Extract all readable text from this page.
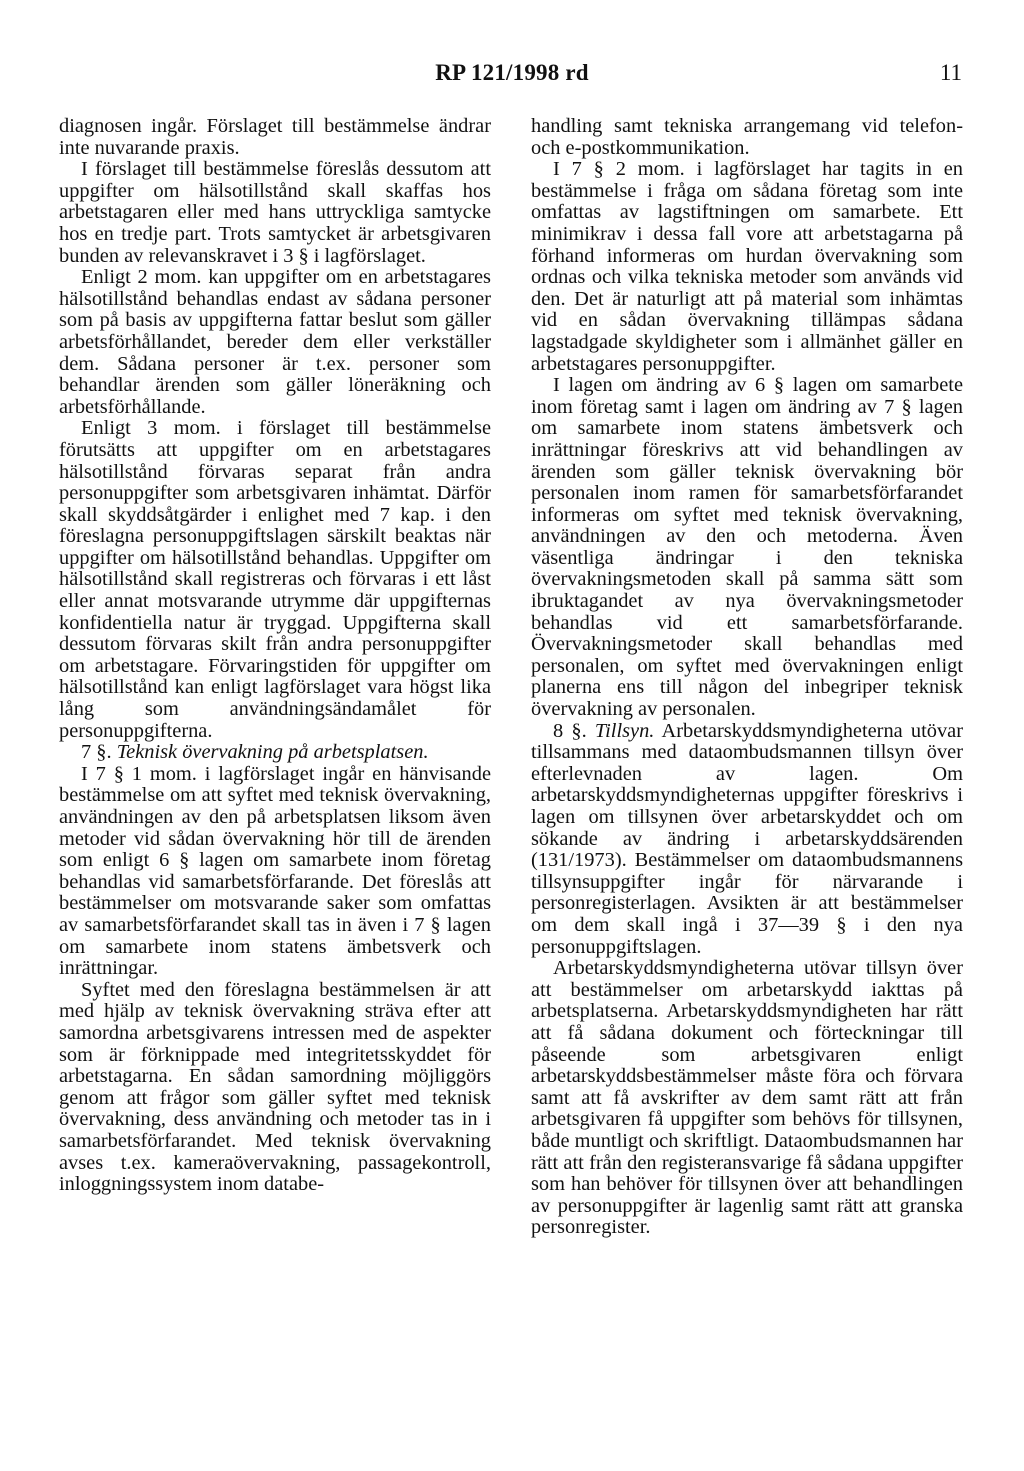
RP 121/1998 rd	11

diagnosen ingår. Förslaget till bestämmelse ändrar inte nuvarande praxis.

I förslaget till bestämmelse föreslås dessutom att uppgifter om hälsotillstånd skall skaffas hos arbetstagaren eller med hans uttryckliga samtycke hos en tredje part. Trots samtycket är arbetsgivaren bunden av relevanskravet i 3 § i lagförslaget.

Enligt 2 mom. kan uppgifter om en arbetstagares hälsotillstånd behandlas endast av sådana personer som på basis av uppgifterna fattar beslut som gäller arbetsförhållandet, bereder dem eller verkställer dem. Sådana personer är t.ex. personer som behandlar ärenden som gäller löneräkning och arbetsförhållande.

Enligt 3 mom. i förslaget till bestämmelse förutsätts att uppgifter om en arbetstagares hälsotillstånd förvaras separat från andra personuppgifter som arbetsgivaren inhämtat. Därför skall skyddsåtgärder i enlighet med 7 kap. i den föreslagna personuppgiftslagen särskilt beaktas när uppgifter om hälsotillstånd behandlas. Uppgifter om hälsotillstånd skall registreras och förvaras i ett låst eller annat motsvarande utrymme där uppgifternas konfidentiella natur är tryggad. Uppgifterna skall dessutom förvaras skilt från andra personuppgifter om arbetstagare. Förvaringstiden för uppgifter om hälsotillstånd kan enligt lagförslaget vara högst lika lång som användningsändamålet för personuppgifterna.

7 §. Teknisk övervakning på arbetsplatsen.

I 7 § 1 mom. i lagförslaget ingår en hänvisande bestämmelse om att syftet med teknisk övervakning, användningen av den på arbetsplatsen liksom även metoder vid sådan övervakning hör till de ärenden som enligt 6 § lagen om samarbete inom företag behandlas vid samarbetsförfarande. Det föreslås att bestämmelser om motsvarande saker som omfattas av samarbetsförfarandet skall tas in även i 7 § lagen om samarbete inom statens ämbetsverk och inrättningar.

Syftet med den föreslagna bestämmelsen är att med hjälp av teknisk övervakning sträva efter att samordna arbetsgivarens intressen med de aspekter som är förknippade med integritetsskyddet för arbetstagarna. En sådan samordning möjliggörs genom att frågor som gäller syftet med teknisk övervakning, dess användning och metoder tas in i samarbetsförfarandet. Med teknisk övervakning avses t.ex. kameraövervakning, passagekontroll, inloggningssystem inom databe-

handling samt tekniska arrangemang vid telefon- och e-postkommunikation.

I 7 § 2 mom. i lagförslaget har tagits in en bestämmelse i fråga om sådana företag som inte omfattas av lagstiftningen om samarbete. Ett minimikrav i dessa fall vore att arbetstagarna på förhand informeras om hurdan övervakning som ordnas och vilka tekniska metoder som används vid den. Det är naturligt att på material som inhämtas vid en sådan övervakning tillämpas sådana lagstadgade skyldigheter som i allmänhet gäller en arbetstagares personuppgifter.

I lagen om ändring av 6 § lagen om samarbete inom företag samt i lagen om ändring av 7 § lagen om samarbete inom statens ämbetsverk och inrättningar föreskrivs att vid behandlingen av ärenden som gäller teknisk övervakning bör personalen inom ramen för samarbetsförfarandet informeras om syftet med teknisk övervakning, användningen av den och metoderna. Även väsentliga ändringar i den tekniska övervakningsmetoden skall på samma sätt som ibruktagandet av nya övervakningsmetoder behandlas vid ett samarbetsförfarande. Övervakningsmetoder skall behandlas med personalen, om syftet med övervakningen enligt planerna ens till någon del inbegriper teknisk övervakning av personalen.

8 §. Tillsyn. Arbetarskyddsmyndigheterna utövar tillsammans med dataombudsmannen tillsyn över efterlevnaden av lagen. Om arbetarskyddsmyndigheternas uppgifter föreskrivs i lagen om tillsynen över arbetarskyddet och om sökande av ändring i arbetarskyddsärenden (131/1973). Bestämmelser om dataombudsmannens tillsynsuppgifter ingår för närvarande i personregisterlagen. Avsikten är att bestämmelser om dem skall ingå i 37—39 § i den nya personuppgiftslagen.

Arbetarskyddsmyndigheterna utövar tillsyn över att bestämmelser om arbetarskydd iakttas på arbetsplatserna. Arbetarskyddsmyndigheten har rätt att få sådana dokument och förteckningar till påseende som arbetsgivaren enligt arbetarskyddsbestämmelser måste föra och förvara samt att få avskrifter av dem samt rätt att från arbetsgivaren få uppgifter som behövs för tillsynen, både muntligt och skriftligt. Dataombudsmannen har rätt att från den registeransvarige få sådana uppgifter som han behöver för tillsynen över att behandlingen av personuppgifter är lagenlig samt rätt att granska personregister.
